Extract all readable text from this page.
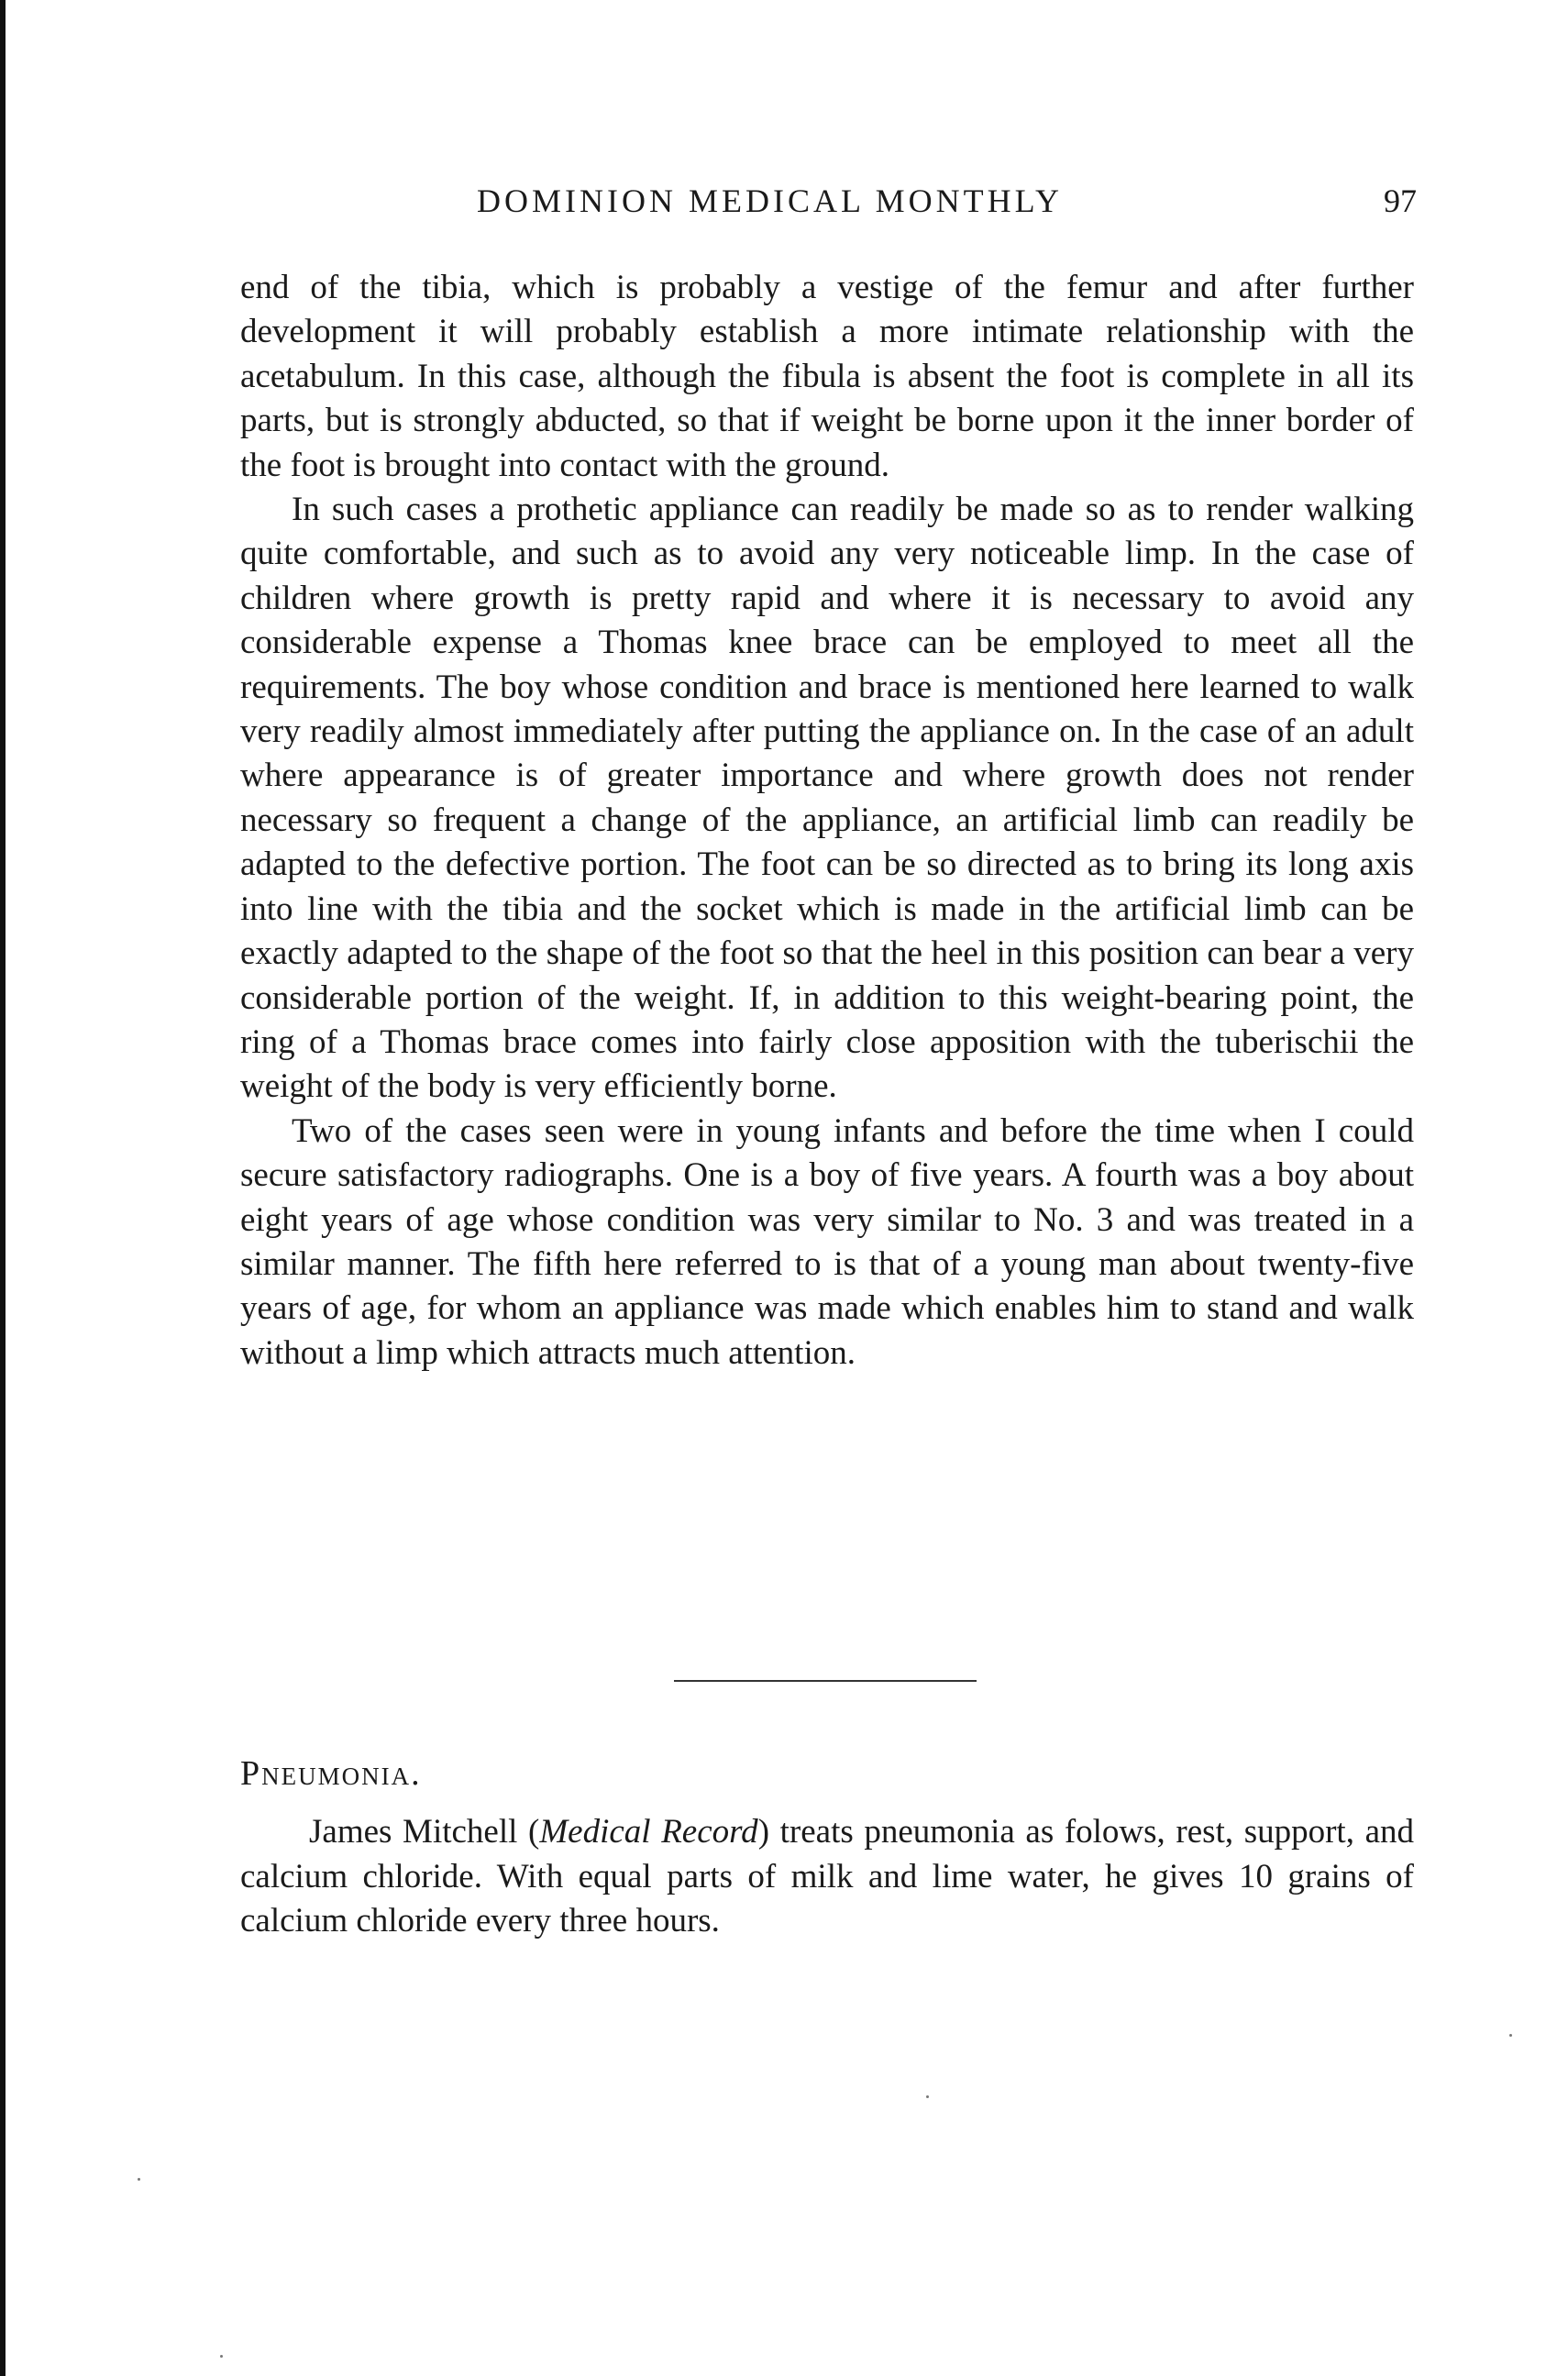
DOMINION MEDICAL MONTHLY	97

end of the tibia, which is probably a vestige of the femur and after further development it will probably establish a more intimate relationship with the acetabulum. In this case, although the fibula is absent the foot is complete in all its parts, but is strongly abducted, so that if weight be borne upon it the inner border of the foot is brought into contact with the ground.

In such cases a prothetic appliance can readily be made so as to render walking quite comfortable, and such as to avoid any very noticeable limp. In the case of children where growth is pretty rapid and where it is necessary to avoid any considerable expense a Thomas knee brace can be employed to meet all the requirements. The boy whose condition and brace is mentioned here learned to walk very readily almost immediately after putting the appliance on. In the case of an adult where appearance is of greater importance and where growth does not render necessary so frequent a change of the appliance, an artificial limb can readily be adapted to the defective portion. The foot can be so directed as to bring its long axis into line with the tibia and the socket which is made in the artificial limb can be exactly adapted to the shape of the foot so that the heel in this position can bear a very considerable portion of the weight. If, in addition to this weight-bearing point, the ring of a Thomas brace comes into fairly close apposition with the tuberischii the weight of the body is very efficiently borne.

Two of the cases seen were in young infants and before the time when I could secure satisfactory radiographs. One is a boy of five years. A fourth was a boy about eight years of age whose condition was very similar to No. 3 and was treated in a similar manner. The fifth here referred to is that of a young man about twenty-five years of age, for whom an appliance was made which enables him to stand and walk without a limp which attracts much attention.

Pneumonia.

James Mitchell (Medical Record) treats pneumonia as folows, rest, support, and calcium chloride. With equal parts of milk and lime water, he gives 10 grains of calcium chloride every three hours.
